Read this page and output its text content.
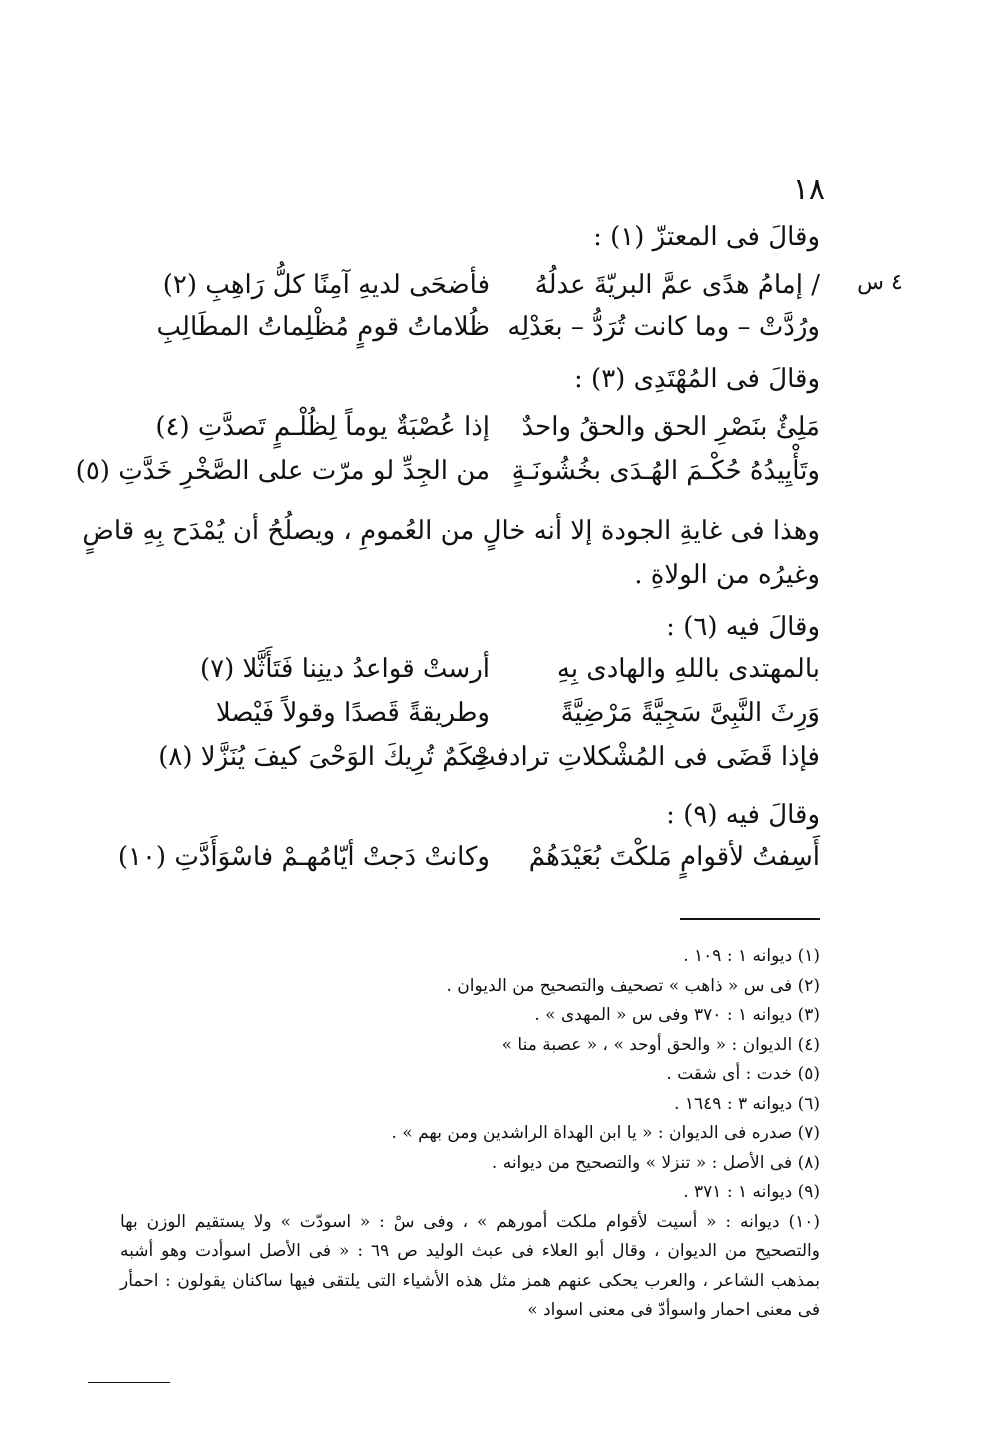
١٨
٤ س
وقالَ فى المعتزّ (١) :
/ إمامُ هدًى عمَّ البريّةَ عدلُهُ
فأضحَى لديهِ آمِنًا كلُّ رَاهِبِ (٢)
ورُدَّتْ – وما كانت تُرَدُّ – بعَدْلِه
ظُلاماتُ قومٍ مُظْلِماتُ المطَالِبِ
وقالَ فى المُهْتَدِى (٣) :
مَلِئٌ بنَصْرِ الحق والحقُ واحدٌ
إذا عُصْبَةٌ يوماً لِظُلْـمٍ تَصدَّتِ (٤)
وتَأْيِيدُهُ حُكْـمَ الهُـدَى بخُشُونَـةٍ
من الجِدِّ لو مرّت على الصَّخْرِ خَدَّتِ (٥)
وهذا فى غايةِ الجودة إلا أنه خالٍ من العُمومِ ، ويصلُحُ أن يُمْدَح بِهِ قاضٍ
وغيرُه من الولاةِ .
وقالَ فيه (٦) :
بالمهتدى باللهِ والهادى بِهِ
أرستْ قواعدُ دينِنا فَتَأَثَّلا (٧)
وَرِثَ النَّبِىَّ سَجِيَّةً مَرْضِيَّةً
وطريقةً قَصدًا وقولاً فَيْصلا
فإذا قَضَى فى المُشْكلاتِ ترادفتْ
حِكَمٌ تُرِيكَ الوَحْىَ كيفَ يُنَزَّلا (٨)
وقالَ فيه (٩) :
أَسِفتُ لأقوامٍ مَلكْتَ بُعَيْدَهُمْ
وكانتْ دَجتْ أيّامُهـمْ فاسْوَأَدَّتِ (١٠)
(١) ديوانه ١ : ١٠٩ .
(٢) فى س « ذاهب » تصحيف والتصحيح من الديوان .
(٣) ديوانه ١ : ٣٧٠ وفى س « المهدى » .
(٤) الديوان : « والحق أوحد » ، « عصبة منا »
(٥) خدت : أى شقت .
(٦) ديوانه ٣ : ١٦٤٩ .
(٧) صدره فى الديوان : « يا ابن الهداة الراشدين ومن بهم » .
(٨) فى الأصل : « تنزلا » والتصحيح من ديوانه .
(٩) ديوانه ١ : ٣٧١ .
(١٠) ديوانه : « أسيت لأقوام ملكت أمورهم » ، وفى سْ : « اسودّت » ولا يستقيم الوزن بها والتصحيح من الديوان ، وقال أبو العلاء فى عبث الوليد ص ٦٩ : « فى الأصل اسوأدت وهو أشبه بمذهب الشاعر ، والعرب يحكى عنهم همز مثل هذه الأشياء التى يلتقى فيها ساكنان يقولون : احمأر فى معنى احمار واسوأدّ فى معنى اسواد »
